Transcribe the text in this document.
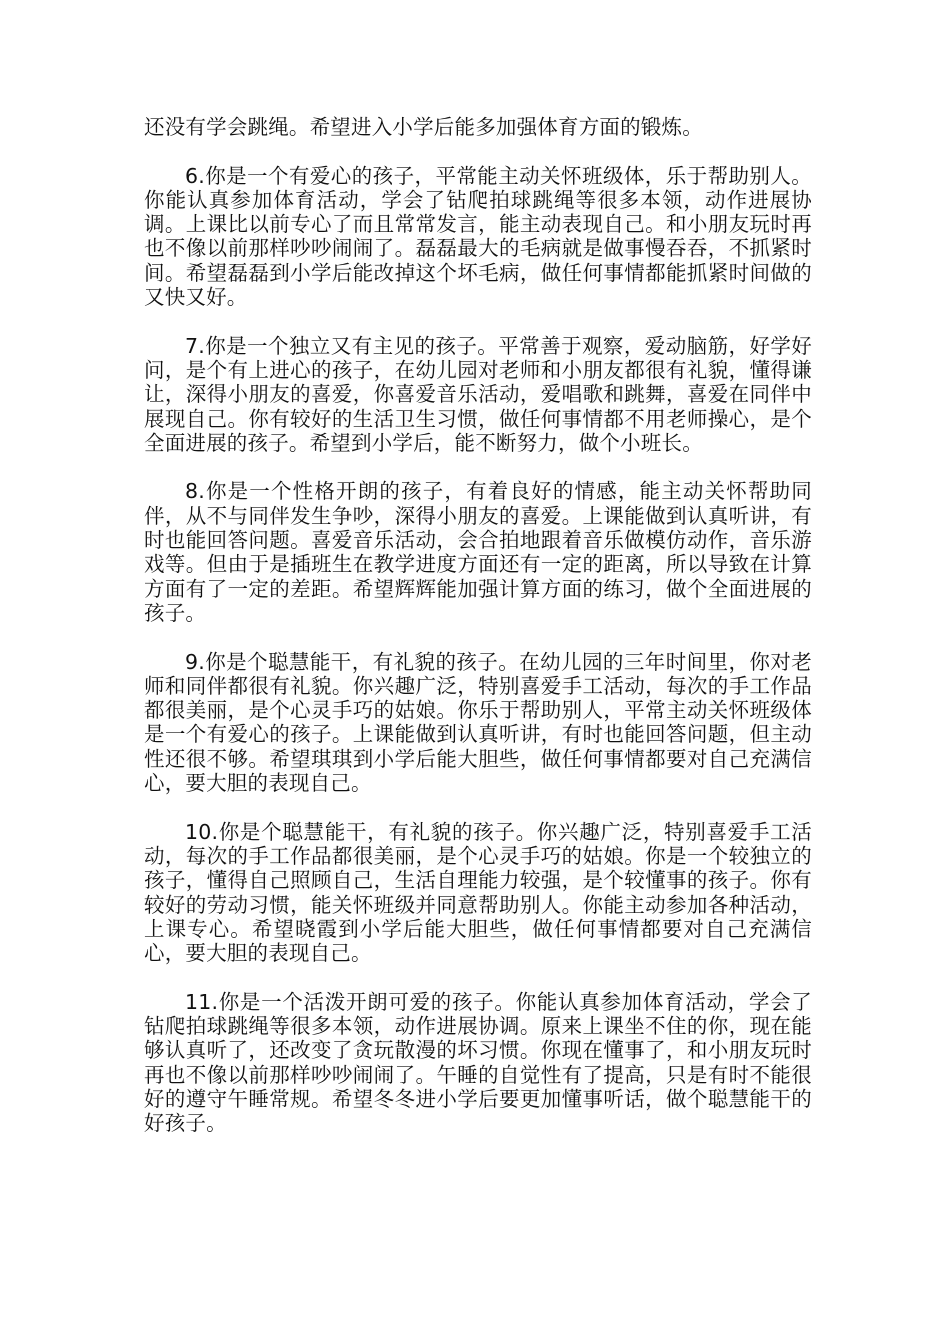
还没有学会跳绳。希望进入小学后能多加强体育方面的锻炼。

6.你是一个有爱心的孩子，平常能主动关怀班级体，乐于帮助别人。你能认真参加体育活动，学会了钻爬拍球跳绳等很多本领，动作进展协调。上课比以前专心了而且常常发言，能主动表现自己。和小朋友玩时再也不像以前那样吵吵闹闹了。磊磊最大的毛病就是做事慢吞吞，不抓紧时间。希望磊磊到小学后能改掉这个坏毛病，做任何事情都能抓紧时间做的又快又好。

7.你是一个独立又有主见的孩子。平常善于观察，爱动脑筋，好学好问，是个有上进心的孩子，在幼儿园对老师和小朋友都很有礼貌，懂得谦让，深得小朋友的喜爱，你喜爱音乐活动，爱唱歌和跳舞，喜爱在同伴中展现自己。你有较好的生活卫生习惯，做任何事情都不用老师操心，是个全面进展的孩子。希望到小学后，能不断努力，做个小班长。

8.你是一个性格开朗的孩子，有着良好的情感，能主动关怀帮助同伴，从不与同伴发生争吵，深得小朋友的喜爱。上课能做到认真听讲，有时也能回答问题。喜爱音乐活动，会合拍地跟着音乐做模仿动作，音乐游戏等。但由于是插班生在教学进度方面还有一定的距离，所以导致在计算方面有了一定的差距。希望辉辉能加强计算方面的练习，做个全面进展的孩子。

9.你是个聪慧能干，有礼貌的孩子。在幼儿园的三年时间里，你对老师和同伴都很有礼貌。你兴趣广泛，特别喜爱手工活动，每次的手工作品都很美丽，是个心灵手巧的姑娘。你乐于帮助别人，平常主动关怀班级体是一个有爱心的孩子。上课能做到认真听讲，有时也能回答问题，但主动性还很不够。希望琪琪到小学后能大胆些，做任何事情都要对自己充满信心，要大胆的表现自己。

10.你是个聪慧能干，有礼貌的孩子。你兴趣广泛，特别喜爱手工活动，每次的手工作品都很美丽，是个心灵手巧的姑娘。你是一个较独立的孩子，懂得自己照顾自己，生活自理能力较强，是个较懂事的孩子。你有较好的劳动习惯，能关怀班级并同意帮助别人。你能主动参加各种活动，上课专心。希望晓霞到小学后能大胆些，做任何事情都要对自己充满信心，要大胆的表现自己。

11.你是一个活泼开朗可爱的孩子。你能认真参加体育活动，学会了钻爬拍球跳绳等很多本领，动作进展协调。原来上课坐不住的你，现在能够认真听了，还改变了贪玩散漫的坏习惯。你现在懂事了，和小朋友玩时再也不像以前那样吵吵闹闹了。午睡的自觉性有了提高，只是有时不能很好的遵守午睡常规。希望冬冬进小学后要更加懂事听话，做个聪慧能干的好孩子。
